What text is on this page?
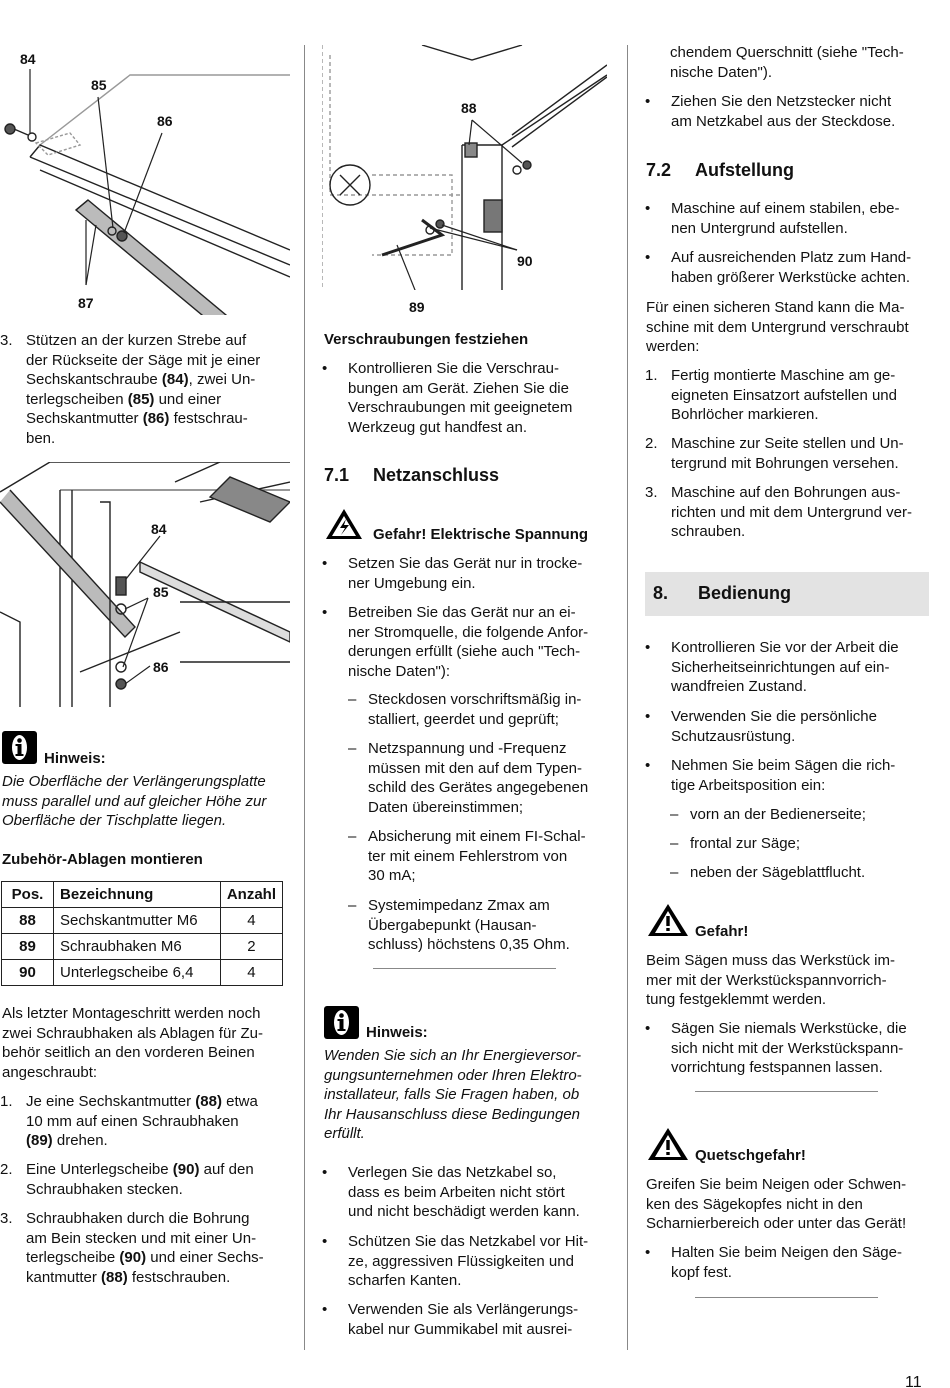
84
85
86
87
3. Stützen an der kurzen Strebe auf
der Rückseite der Säge mit je einer
Sechskantschraube (84), zwei Un-
terlegscheiben (85) und einer
Sechskantmutter (86) festschrau-
ben.
84
85
86
Hinweis:
Die Oberfläche der Verlängerungsplatte
muss parallel und auf gleicher Höhe zur
Oberfläche der Tischplatte liegen.
Zubehör-Ablagen montieren
Pos.	Bezeichnung	Anzahl
88	Sechskantmutter M6	4
89	Schraubhaken M6	2
90	Unterlegscheibe 6,4	4
Als letzter Montageschritt werden noch
zwei Schraubhaken als Ablagen für Zu-
behör seitlich an den vorderen Beinen
angeschraubt:
1. Je eine Sechskantmutter (88) etwa
10 mm auf einen Schraubhaken
(89) drehen.
2. Eine Unterlegscheibe (90) auf den
Schraubhaken stecken.
3. Schraubhaken durch die Bohrung
am Bein stecken und mit einer Un-
terlegscheibe (90) und einer Sechs-
kantmutter (88) festschrauben.
88
90
89
Verschraubungen festziehen
• Kontrollieren Sie die Verschrau-
bungen am Gerät. Ziehen Sie die
Verschraubungen mit geeignetem
Werkzeug gut handfest an.
7.1 Netzanschluss
Gefahr! Elektrische Spannung
• Setzen Sie das Gerät nur in trocke-
ner Umgebung ein.
• Betreiben Sie das Gerät nur an ei-
ner Stromquelle, die folgende Anfor-
derungen erfüllt (siehe auch "Tech-
nische Daten"):
– Steckdosen vorschriftsmäßig in-
stalliert, geerdet und geprüft;
– Netzspannung und -Frequenz
müssen mit den auf dem Typen-
schild des Gerätes angegebenen
Daten übereinstimmen;
– Absicherung mit einem FI-Schal-
ter mit einem Fehlerstrom von
30 mA;
– Systemimpedanz Zmax am
Übergabepunkt (Hausan-
schluss) höchstens 0,35 Ohm.
Hinweis:
Wenden Sie sich an Ihr Energieversor-
gungsunternehmen oder Ihren Elektro-
installateur, falls Sie Fragen haben, ob
Ihr Hausanschluss diese Bedingungen
erfüllt.
• Verlegen Sie das Netzkabel so,
dass es beim Arbeiten nicht stört
und nicht beschädigt werden kann.
• Schützen Sie das Netzkabel vor Hit-
ze, aggressiven Flüssigkeiten und
scharfen Kanten.
• Verwenden Sie als Verlängerungs-
kabel nur Gummikabel mit ausrei-
chendem Querschnitt (siehe "Tech-
nische Daten").
• Ziehen Sie den Netzstecker nicht
am Netzkabel aus der Steckdose.
7.2 Aufstellung
• Maschine auf einem stabilen, ebe-
nen Untergrund aufstellen.
• Auf ausreichenden Platz zum Hand-
haben größerer Werkstücke achten.
Für einen sicheren Stand kann die Ma-
schine mit dem Untergrund verschraubt
werden:
1. Fertig montierte Maschine am ge-
eigneten Einsatzort aufstellen und
Bohrlöcher markieren.
2. Maschine zur Seite stellen und Un-
tergrund mit Bohrungen versehen.
3. Maschine auf den Bohrungen aus-
richten und mit dem Untergrund ver-
schrauben.
8. Bedienung
• Kontrollieren Sie vor der Arbeit die
Sicherheitseinrichtungen auf ein-
wandfreien Zustand.
• Verwenden Sie die persönliche
Schutzausrüstung.
• Nehmen Sie beim Sägen die rich-
tige Arbeitsposition ein:
– vorn an der Bedienerseite;
– frontal zur Säge;
– neben der Sägeblattflucht.
Gefahr!
Beim Sägen muss das Werkstück im-
mer mit der Werkstückspannvorrich-
tung festgeklemmt werden.
• Sägen Sie niemals Werkstücke, die
sich nicht mit der Werkstückspann-
vorrichtung festspannen lassen.
Quetschgefahr!
Greifen Sie beim Neigen oder Schwen-
ken des Sägekopfes nicht in den
Scharnierbereich oder unter das Gerät!
• Halten Sie beim Neigen den Säge-
kopf fest.
11
